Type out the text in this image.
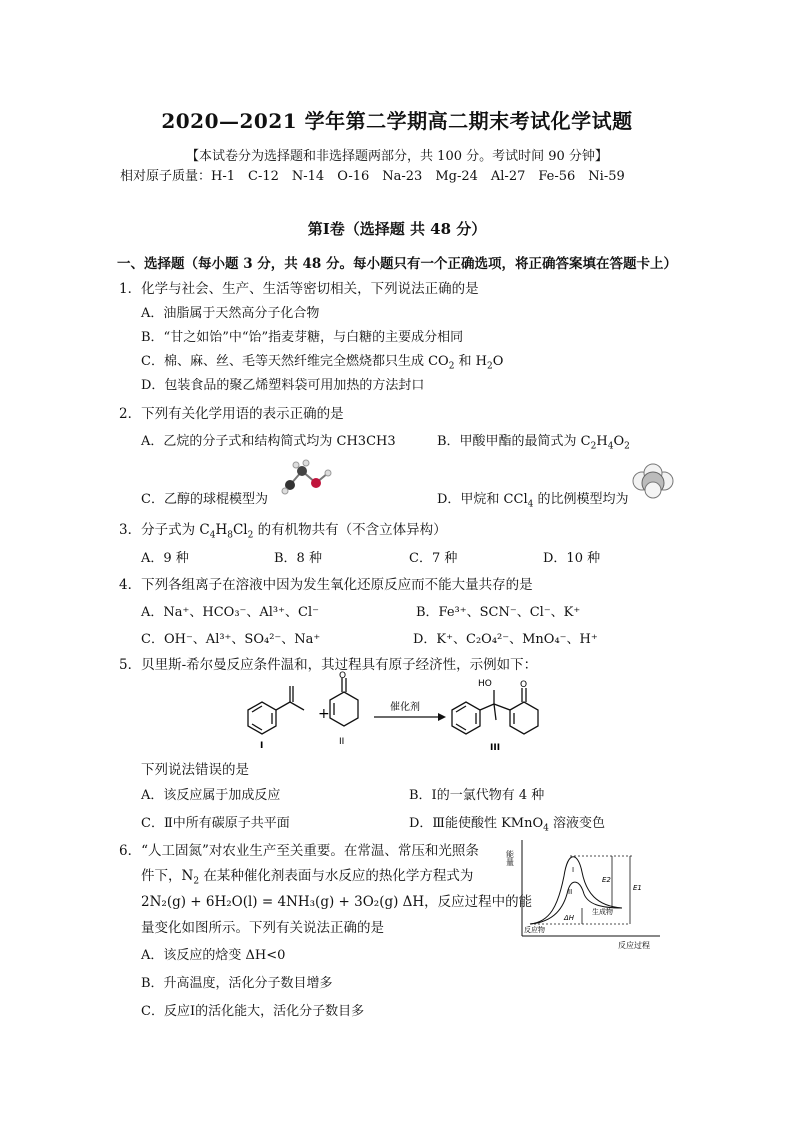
2020—2021 学年第二学期高二期末考试化学试题
【本试卷分为选择题和非选择题两部分，共 100 分。考试时间 90 分钟】
相对原子质量：H-1　C-12　N-14　O-16　Na-23　Mg-24　Al-27　Fe-56　Ni-59
第Ⅰ卷（选择题 共 48 分）
一、选择题（每小题 3 分，共 48 分。每小题只有一个正确选项，将正确答案填在答题卡上）
1．化学与社会、生产、生活等密切相关，下列说法正确的是
A．油脂属于天然高分子化合物
B．“甘之如饴”中“饴”指麦芽糖，与白糖的主要成分相同
C．棉、麻、丝、毛等天然纤维完全燃烧都只生成 $CO_2$ 和 $H_2O$
D．包装食品的聚乙烯塑料袋可用加热的方法封口
2．下列有关化学用语的表示正确的是
A．乙烷的分子式和结构简式均为 CH3CH3	B．甲酸甲酯的最简式为 $C_2H_4O_2$
C．乙醇的球棍模型为	D．甲烷和 CCl$_4$ 的比例模型均为
3．分子式为 $C_4H_8Cl_2$ 的有机物共有（不含立体异构）
A．9 种	B．8 种	C．7 种	D．10 种
4．下列各组离子在溶液中因为发生氧化还原反应而不能大量共存的是
A．Na⁺、HCO₃⁻、Al³⁺、Cl⁻	B．Fe³⁺、SCN⁻、Cl⁻、K⁺
C．OH⁻、Al³⁺、SO₄²⁻、Na⁺	D．K⁺、C₂O₄²⁻、MnO₄⁻、H⁺
5．贝里斯-希尔曼反应条件温和，其过程具有原子经济性，示例如下：
I
+
O
II
催化剂
HO	O
III
下列说法错误的是
A．该反应属于加成反应	B．Ⅰ的一氯代物有 4 种
C．Ⅱ中所有碳原子共平面	D．Ⅲ能使酸性 KMnO$_4$ 溶液变色
6．“人工固氮”对农业生产至关重要。在常温、常压和光照条
件下，$N_2$ 在某种催化剂表面与水反应的热化学方程式为
2N₂(g) + 6H₂O(l) = 4NH₃(g) + 3O₂(g) ΔH，反应过程中的能
量变化如图所示。下列有关说法正确的是
A．该反应的焓变 ΔH<0
B．升高温度，活化分子数目增多
C．反应Ⅰ的活化能大，活化分子数目多
能量
反应过程
反应物
生成物
I
II
E2
E1
ΔH
